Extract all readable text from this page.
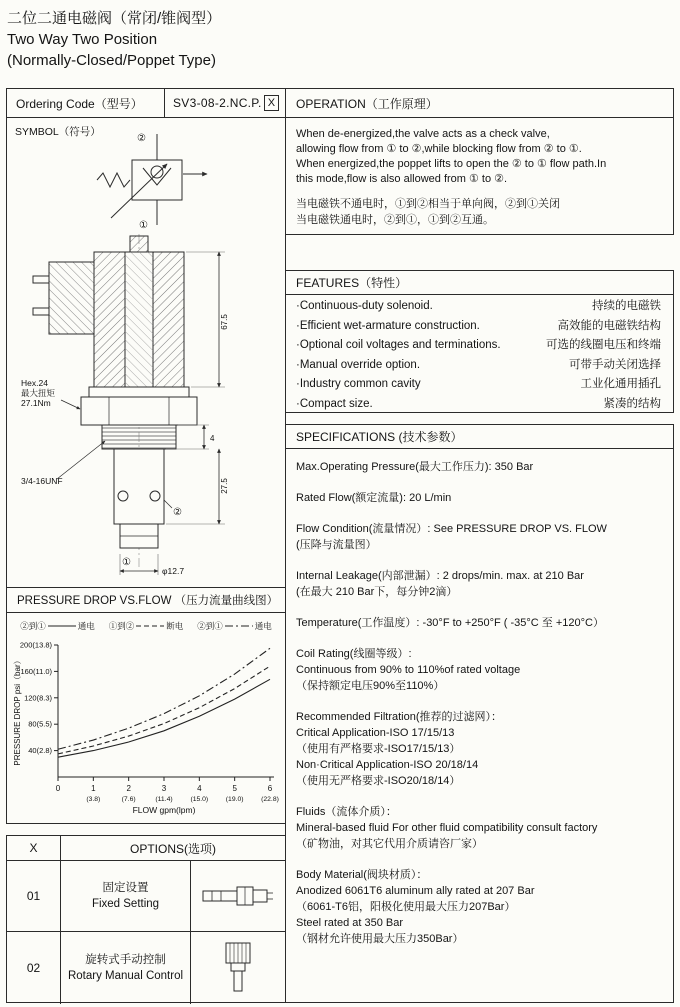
二位二通电磁阀（常闭/锥阀型）
Two Way Two Position
(Normally-Closed/Poppet Type)
Ordering Code（型号）	SV3-08-2.NC.P. X
SYMBOL（符号）
②
①
Hex.24
最大扭矩
27.1Nm
3/4-16UNF
67.5
4
27.5
②
①
φ12.7
PRESSURE DROP VS.FLOW （压力流量曲线图）
②到①	通电 ①到②	断电 ②到①	通电
40(2.8)
80(5.5)
120(8.3)
160(11.0)
200(13.8)
0	1
(3.8)
2
(7.6)
3
(11.4)
4
(15.0)
5
(19.0)
6
(22.8)
PRESSURE DROP psi（bar）
FLOW gpm(lpm)
X	OPTIONS(选项)
01
固定设置
Fixed Setting
02
旋转式手动控制
Rotary Manual Control
OPERATION（工作原理）
When de-energized,the valve acts as a check valve,
allowing flow from ① to ②,while blocking flow from ② to ①.
When energized,the poppet lifts to open the ② to ① flow path.In
this mode,flow is also allowed from ① to ②.
当电磁铁不通电时，①到②相当于单向阀，②到①关闭
当电磁铁通电时，②到①，①到②互通。
FEATURES（特性）
·Continuous-duty solenoid.	持续的电磁铁
·Efficient wet-armature construction.	高效能的电磁铁结构
·Optional coil voltages and terminations.	可选的线圈电压和终端
·Manual override option.	可带手动关闭选择
·Industry common cavity	工业化通用插孔
·Compact size.	紧凑的结构
SPECIFICATIONS (技术参数）
Max.Operating Pressure(最大工作压力): 350 Bar
Rated Flow(额定流量): 20 L/min
Flow Condition(流量情况）: See PRESSURE DROP VS. FLOW
(压降与流量图）
Internal Leakage(内部泄漏）: 2 drops/min. max. at 210 Bar
(在最大 210 Bar下，每分钟2滴）
Temperature(工作温度）: -30°F to +250°F ( -35°C 至 +120°C）
Coil Rating(线圈等级）:
Continuous from 90% to 110%of rated voltage
（保持额定电压90%至110%）
Recommended Filtration(推荐的过滤网）：
Critical Application-ISO 17/15/13
（使用有严格要求-ISO17/15/13）
Non·Critical Application-ISO 20/18/14
（使用无严格要求-ISO20/18/14）
Fluids（流体介质）：
Mineral-based fluid For other fluid compatibility consult factory
（矿物油，对其它代用介质请咨厂家）
Body Material(阀块材质）：
Anodized 6061T6 aluminum ally rated at 207 Bar
（6061-T6铝，阳极化使用最大压力207Bar）
Steel rated at 350 Bar
（钢材允许使用最大压力350Bar）
